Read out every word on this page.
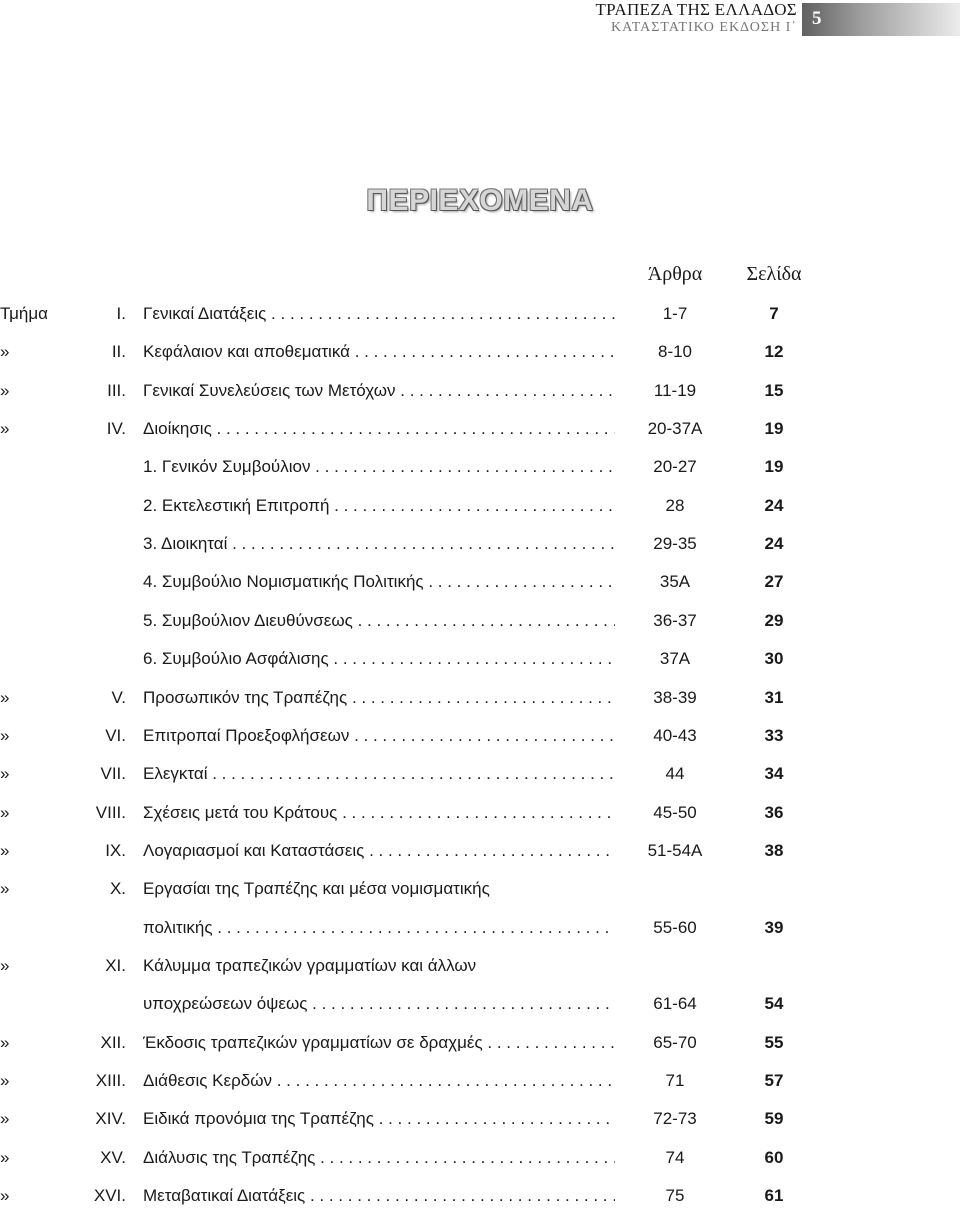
ΤΡΑΠΕΖΑ ΤΗΣ ΕΛΛΑΔΟΣ
ΚΑΤΑΣΤΑΤΙΚΟ ΕΚΔΟΣΗ Ι΄ 5
ΠΕΡΙΕΧΟΜΕΝΑ
Άρθρα	Σελίδα
Τμήμα	I. Γενικαί Διατάξεις . . .	1-7	7
»	II. Κεφάλαιον και αποθεματικά . . .	8-10	12
»	III. Γενικαί Συνελεύσεις των Μετόχων . . .	11-19	15
»	IV. Διοίκησις . . .	20-37Α	19
1. Γενικόν Συμβούλιον . . .	20-27	19
2. Εκτελεστική Επιτροπή . . .	28	24
3. Διοικηταί . . .	29-35	24
4. Συμβούλιο Νομισματικής Πολιτικής . . .	35Α	27
5. Συμβούλιον Διευθύνσεως . . .	36-37	29
6. Συμβούλιο Ασφάλισης . . .	37Α	30
»	V. Προσωπικόν της Τραπέζης . . .	38-39	31
»	VI. Επιτροπαί Προεξοφλήσεων . . .	40-43	33
»	VII. Ελεγκταί . . .	44	34
»	VIII. Σχέσεις μετά του Κράτους . . .	45-50	36
»	IX. Λογαριασμοί και Καταστάσεις . . .	51-54Α	38
»	X. Εργασίαι της Τραπέζης και μέσα νομισματικής
πολιτικής . . .	55-60	39
»	XI. Κάλυμμα τραπεζικών γραμματίων και άλλων
υποχρεώσεων όψεως . . .	61-64	54
»	XII. Έκδοσις τραπεζικών γραμματίων σε δραχμές . . .	65-70	55
»	XIII. Διάθεσις Κερδών . . .	71	57
»	XIV. Ειδικά προνόμια της Τραπέζης . . .	72-73	59
»	XV. Διάλυσις της Τραπέζης . . .	74	60
»	XVI. Μεταβατικαί Διατάξεις . . .	75	61
